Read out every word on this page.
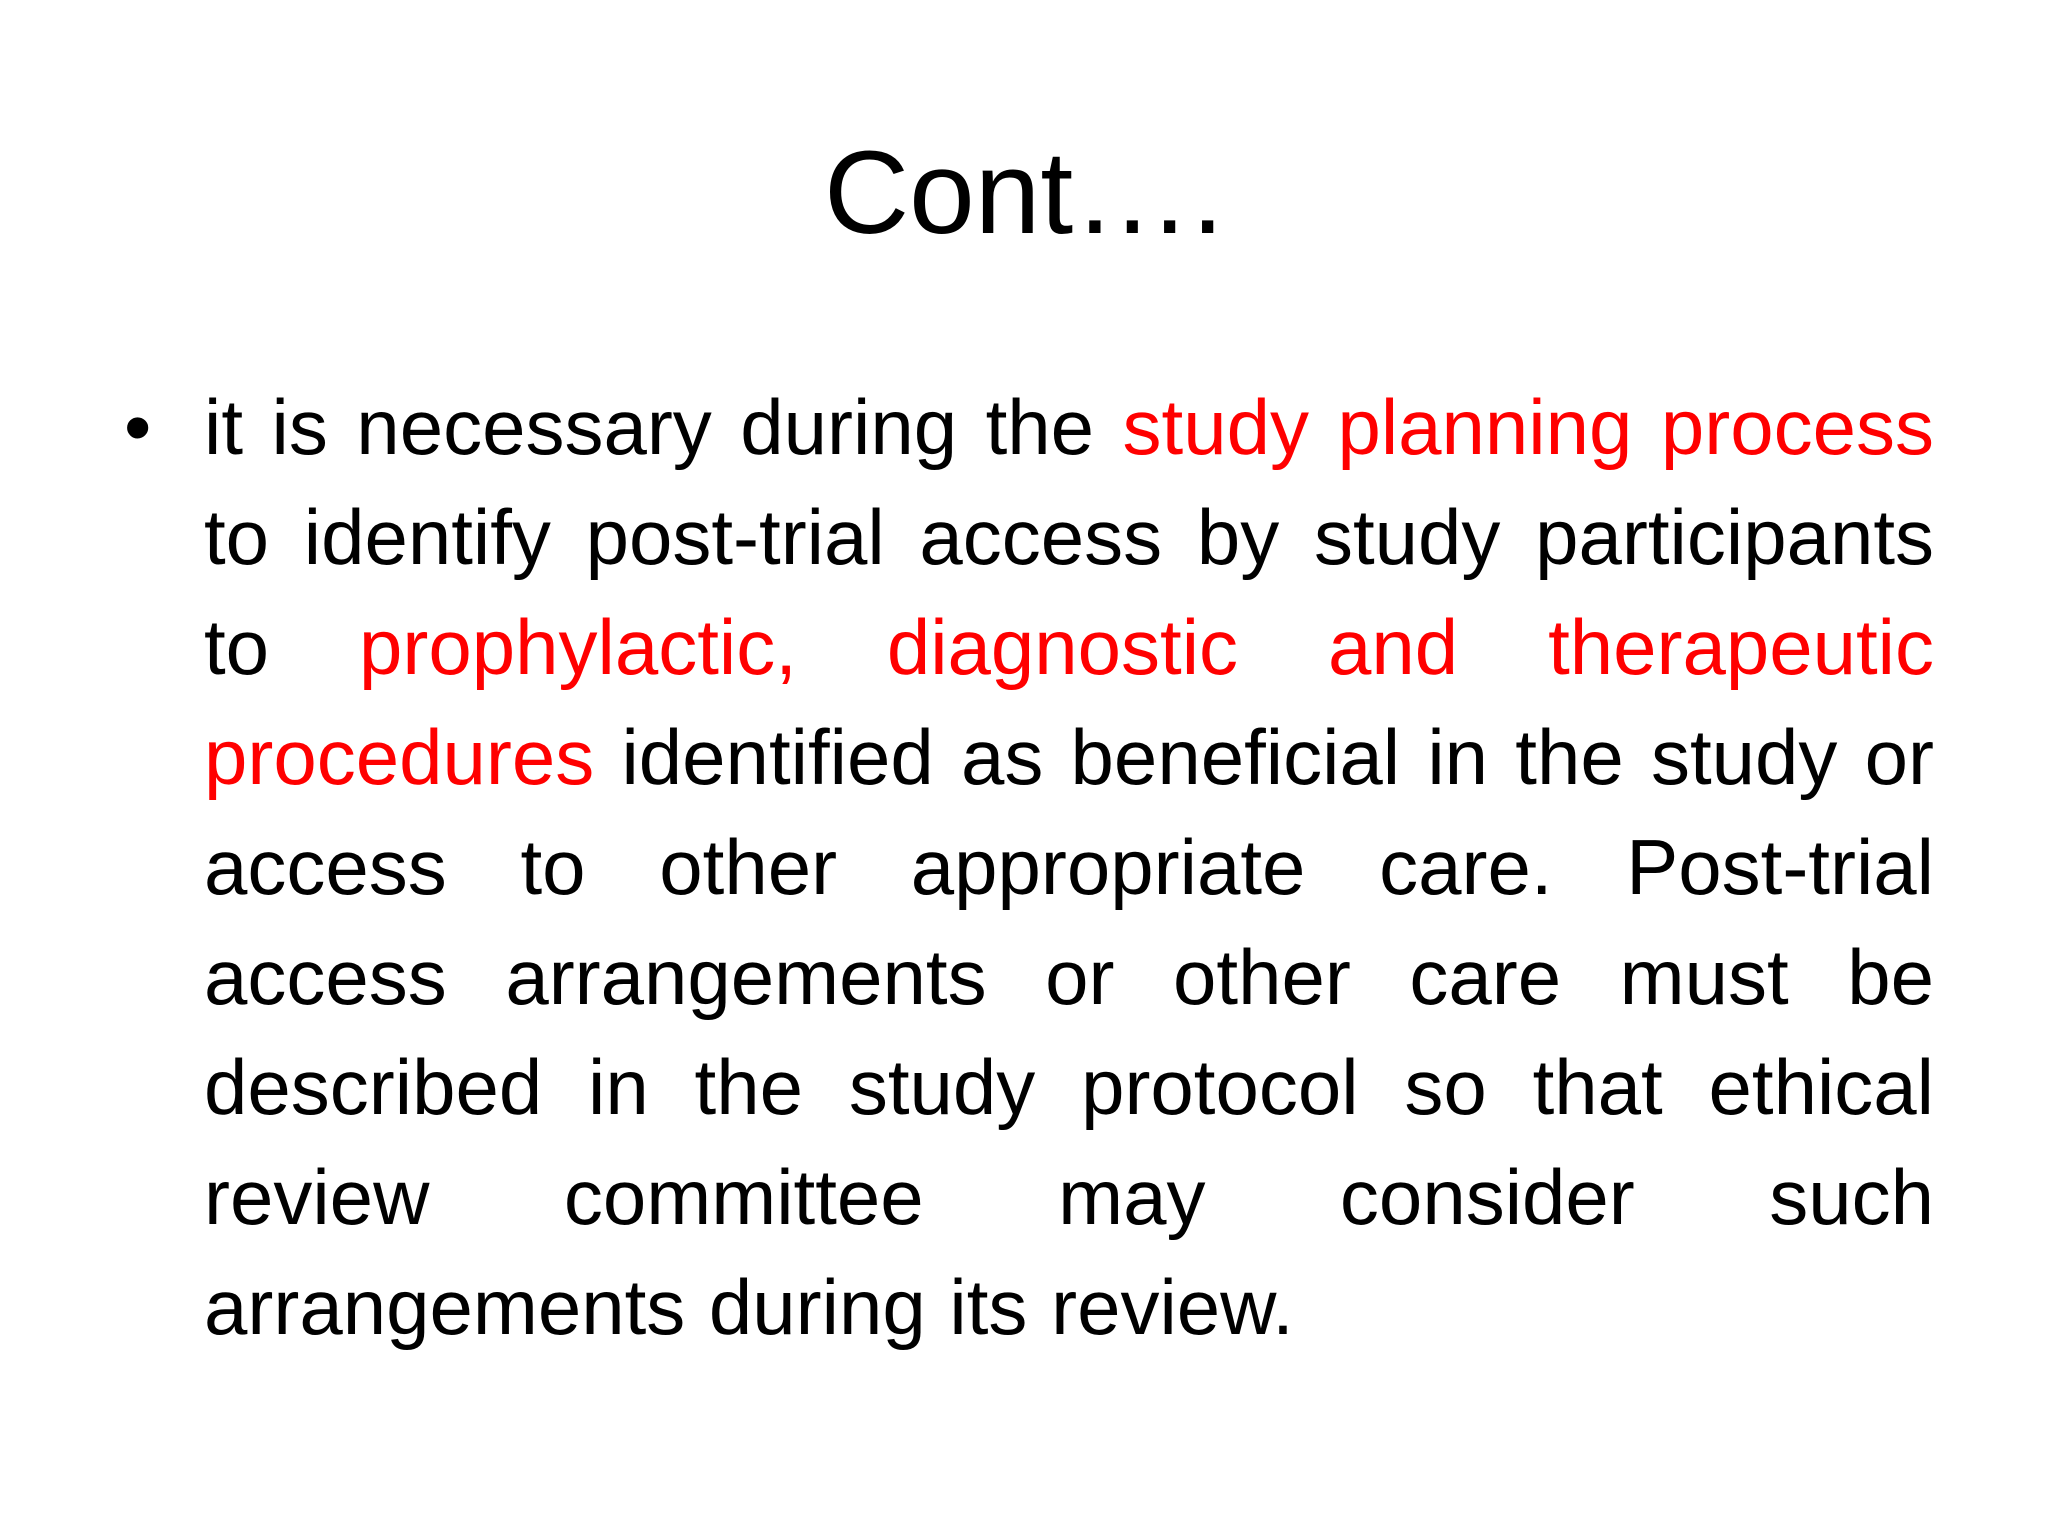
Cont….
• it is necessary during the study planning process to identify post-trial access by study participants to prophylactic, diagnostic and therapeutic procedures identified as beneficial in the study or access to other appropriate care. Post-trial access arrangements or other care must be described in the study protocol so that ethical review committee may consider such arrangements during its review.
